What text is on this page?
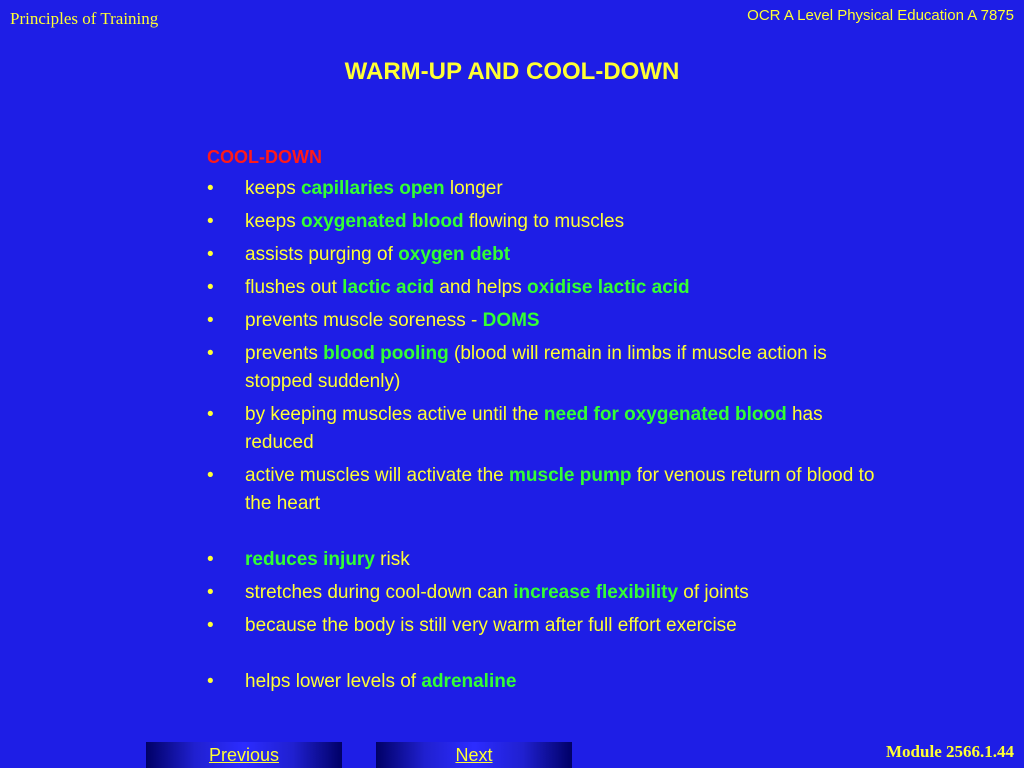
Principles of Training	OCR A Level Physical Education A 7875
WARM-UP AND COOL-DOWN
COOL-DOWN
• keeps capillaries open longer
• keeps oxygenated blood flowing to muscles
• assists purging of oxygen debt
• flushes out lactic acid and helps oxidise lactic acid
• prevents muscle soreness - DOMS
• prevents blood pooling (blood will remain in limbs if muscle action is stopped suddenly)
• by keeping muscles active until the need for oxygenated blood has reduced
• active muscles will activate the muscle pump for venous return of blood to the heart
• reduces injury risk
• stretches during cool-down can increase flexibility of joints
• because the body is still very warm after full effort exercise
• helps lower levels of adrenaline
Previous	Next	Module 2566.1.44
